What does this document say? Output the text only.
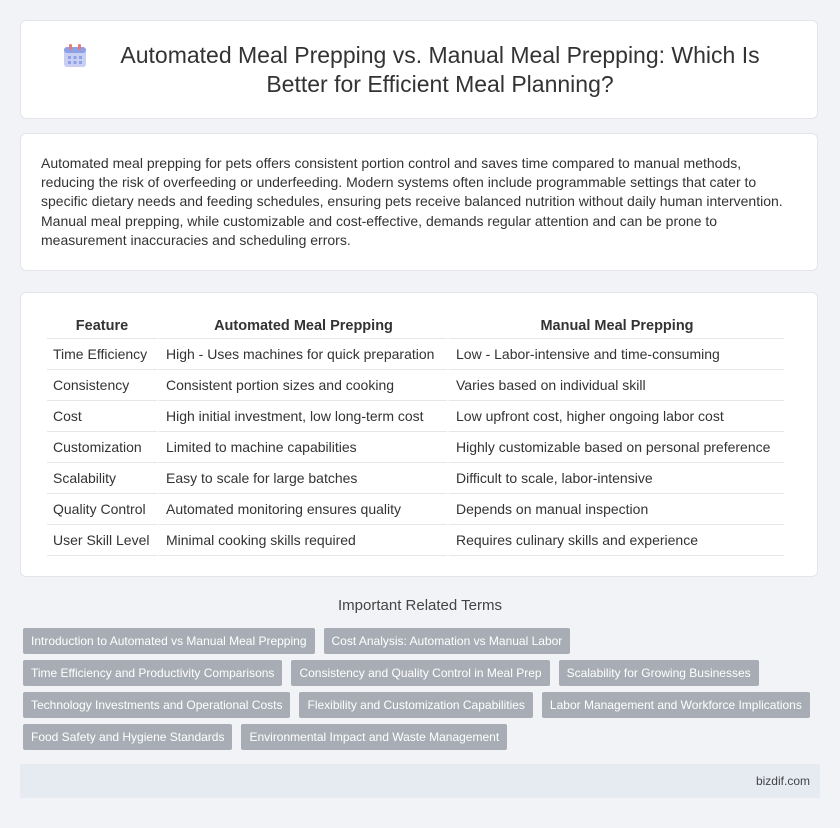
Automated Meal Prepping vs. Manual Meal Prepping: Which Is Better for Efficient Meal Planning?

Automated meal prepping for pets offers consistent portion control and saves time compared to manual methods, reducing the risk of overfeeding or underfeeding. Modern systems often include programmable settings that cater to specific dietary needs and feeding schedules, ensuring pets receive balanced nutrition without daily human intervention. Manual meal prepping, while customizable and cost-effective, demands regular attention and can be prone to measurement inaccuracies and scheduling errors.

Feature	Automated Meal Prepping	Manual Meal Prepping
Time Efficiency	High - Uses machines for quick preparation	Low - Labor-intensive and time-consuming
Consistency	Consistent portion sizes and cooking	Varies based on individual skill
Cost	High initial investment, low long-term cost	Low upfront cost, higher ongoing labor cost
Customization	Limited to machine capabilities	Highly customizable based on personal preference
Scalability	Easy to scale for large batches	Difficult to scale, labor-intensive
Quality Control	Automated monitoring ensures quality	Depends on manual inspection
User Skill Level	Minimal cooking skills required	Requires culinary skills and experience
Important Related Terms
Introduction to Automated vs Manual Meal Prepping	Cost Analysis: Automation vs Manual Labor
Time Efficiency and Productivity Comparisons	Consistency and Quality Control in Meal Prep	Scalability for Growing Businesses
Technology Investments and Operational Costs	Flexibility and Customization Capabilities	Labor Management and Workforce Implications
Food Safety and Hygiene Standards	Environmental Impact and Waste Management
bizdif.com
